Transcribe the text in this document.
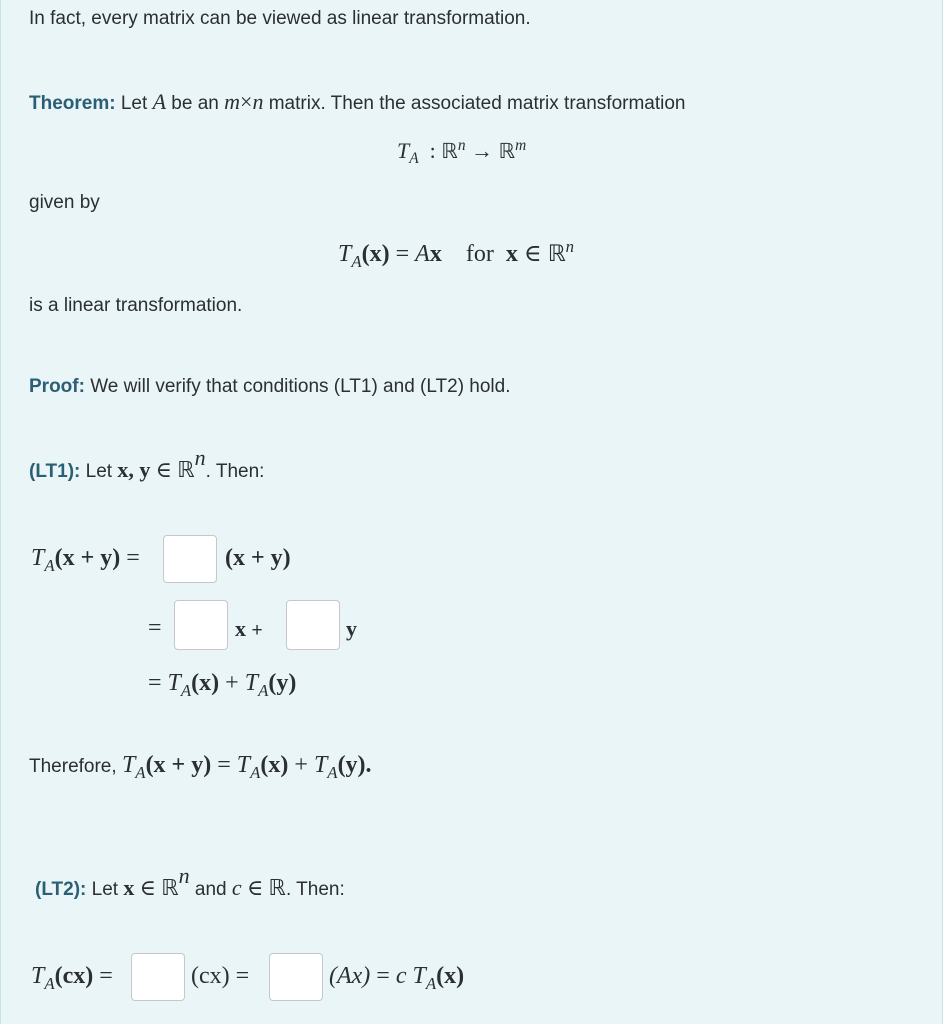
In fact, every matrix can be viewed as linear transformation.
Theorem: Let A be an m×n matrix. Then the associated matrix transformation
$T_A$ : ℝ$^n$ → ℝ$^m$
given by
$T_A(x) = Ax$ for x ∈ ℝ$^n$
is a linear transformation.
Proof: We will verify that conditions (LT1) and (LT2) hold.
(LT1): Let x, y ∈ ℝn. Then:
$T_A(x + y)$ =	(x + y)
=	x +	y
= $T_A(x) + T_A(y)$
Therefore, $T_A(x + y) = T_A(x) + T_A(y)$.
(LT2): Let x ∈ ℝn and c ∈ ℝ. Then:
$T_A(cx)$ =	(cx) =	(Ax) = c $T_A(x)$
